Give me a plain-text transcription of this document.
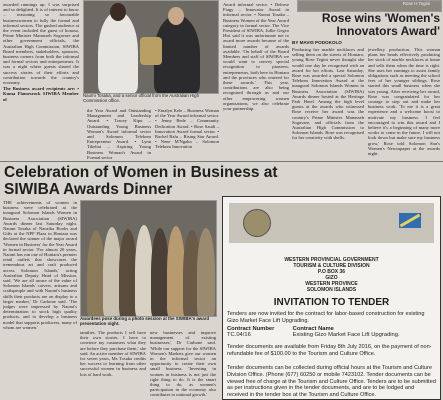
awarded runnings up. I was surprised and so delighted. It is of interest to know ... reasoning so favourable businesswomen to fully the formal and informal sectors. The gushed audience at the event included the guest of honour, Prime Minister Manasseh Sogavare and other government officials, the Australian High Commission, SIWIBA Board members, stakeholders, sponsors, business owners from both the informal and formal sectors and entrepreneurs. It was a night where guests shared the success stories of their efforts and contribution towards the country's economy.

The Business award recipients are: • Kuma Flamesrock SIWIBA Member of

Naomi Tosaka, and a senior official from the Australian High Commission office.

the Year Award and Outstanding Management and Leadership Award. • Tracey Kipu – Outstanding Young Business Woman's Award informal sector and Solomon Telekom Entrepreneur Award. • Lynn Tikeliai – Aspiring Young Business Woman's Award in Formal sector

• Emalyn Kele – Business Woman of the Year Award informal sector. • Jenny Rede – Community Dedication Award. • Rose Saudi – Innovation Award formal sector. • Rachel Rafu – Rising Star Award. • Nene M'Ngaho – Solomon Telekom Innovation

Rose H Tegini

Rose wins 'Women's Innovators Award'

BY MAVIS PODOKOLO

Award informal sector. • Delrose Fiagy – Innovator Award in informal sector. • Naomi Tosaka – Business Women of the Year Award category in formal sector. The Vice President of SIWIBA, Jullie Gegeo Hiri said it was unfortunate not to award more awards because of the limited number of awards available. 'On behalf of the Board Members and staff of SIWIBA we would want to convey special recognition to pioneers, entrepreneurs, both here in Honiara and the provinces who entered for these awards.' This year, contributions are also being recognised through us and our other empowering women organisations, we also celebrate your partnership.

Producing her marble necklaces and selling them on the streets of Honiara, young Rose Tegini never thought she would one day be recognised with an award for her efforts. Last Saturday, Rose was awarded a special Solomon Telekom Innovation Award at the inaugural Solomon Islands Women in Business Association (SIWIBA) Awards dinner hosted at the Heritage Park Hotel. Among the high level guests at the awards who witnessed Rose receive her award was the country's Prime Minister Manasseh Sogavare, and officials from the Australian High Commission to Solomon Islands. Rose was recognised for her creativity with shells.

jewellery production. This woman plans her beads effectively producing her stock of marble necklaces at home and sells them when the time is right. She uses her earnings to assist family obligations such as meeting the school fees of her younger siblings. Rose started this small business when she was young. After receiving her award, Rose was congratulated for her courage to step out and make her business work. 'To me it is a great experience and a welcome boost to motivate my business. I feel encouraged to win this award and I believe it's a beginning of many more works to come in the future. I will not look down but make sure my business grow,' Rose told Solomon Star's Women's Newsupaper at the awards night.

Celebration of Women in Business at SIWIBA Awards Dinner

THE achievements of women in business were celebrated at the inaugural Solomon Islands Women in Business Association (SIWIBA) Awards dinner last Saturday night. Naomi Tosaka of Naozika Books and Gifts at the NPF Plaza in Honiara was declared the winner of the major award 'Women in Business' for the Year Award in formal sector. 'For almost 20 years, Naomi has run one of Honiara's premier retail outlets that showcases the tremendous art and craft produced across Solomon Islands,' acting Australian Deputy Head of Mission, said. 'We are all aware of the value of Solomon Islands' carvers, artisans and craftspeople and with Naomi's business skills their products are on display to a larger market,' Dr Carbone said. 'The judges were impressed by Naomi's determination to stock high quality products, and to develop a business model that supports producers, many of whom are women.'

Awardees pose during a photo session at the SIWIBA's award presentation night.

tamilies. The products I sell have their own stories. I have to convince my customers what they are before they purchase them,' she said. An active member of SIWIBA for seven years, Ms Tosaka credits her success to learning from other successful women in business and lots of hard work.

new businesses and improve management of existing businesses,' Dr Carbone said. 'While our support for the SIWIBA Women's Markets give our women in the informal sector an opportunity to create their own small business. 'Investing in women in business is not just the right thing to do. It is the smart thing to do, as women's participation in the economy also contributes to national growth.'

WESTERN PROVINCIAL GOVERNMENT

TOURISM & CULTURE DIVISION

P.O BOX 36

GIZO

WESTERN PROVINCE

SOLOMON ISLANDS

INVITATION TO TENDER

Tenders are now invited for the contract for labor-based construction for existing Gizo Market Face Lift Upgrading.

Contract Number	Contract Name
TC.04/16	Existing Gizo Market Face Lift Upgrading.

Tender documents are available from Friday 8th July 2016, on the payment of non-refundable fee of $100.00 to the Tourism and Culture Office.

Tender documents can be collected during official hours at the Tourism and Culture Division Office. (Phone (677) 60250 or mobile 7423102. Tender documents can be viewed free of charge at the Tourism and Culture Office. Tenders are to be submitted as per instructions given in the tender documents, and are to be lodged and received in the tender box at the Tourism and Culture Office.
